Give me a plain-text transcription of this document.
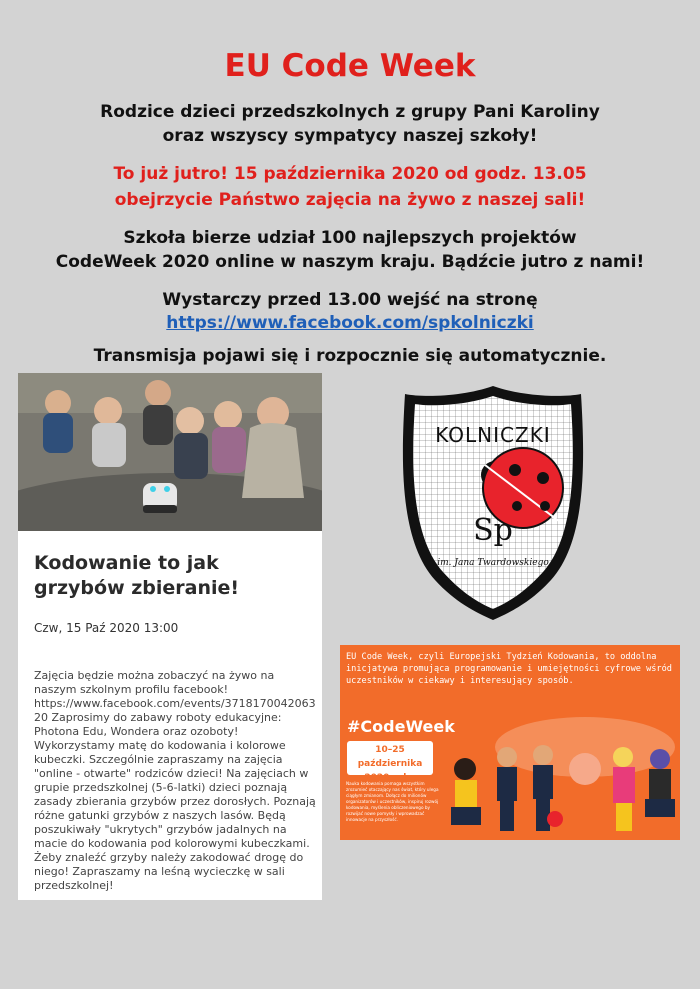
EU Code Week
Rodzice dzieci przedszkolnych z grupy Pani Karoliny
oraz wszyscy sympatycy naszej szkoły!
To już jutro! 15 października 2020 od godz. 13.05
obejrzycie Państwo zajęcia na żywo z naszej sali!
Szkoła bierze udział 100 najlepszych projektów
CodeWeek 2020 online w naszym kraju. Bądźcie jutro z nami!
Wystarczy przed 13.00 wejść na stronę
https://www.facebook.com/spkolniczki
Transmisja pojawi się i rozpocznie się automatycznie.
Kodowanie to jak grzybów zbieranie!
Czw, 15 Paź 2020 13:00
Zajęcia będzie można zobaczyć na żywo na naszym szkolnym profilu facebook! https://www.facebook.com/events/371817004206320 Zaprosimy do zabawy roboty edukacyjne: Photona Edu, Wondera oraz ozoboty! Wykorzystamy matę do kodowania i kolorowe kubeczki. Szczególnie zapraszamy na zajęcia "online - otwarte" rodziców dzieci! Na zajęciach w grupie przedszkolnej (5-6-latki) dzieci poznają zasady zbierania grzybów przez dorosłych. Poznają różne gatunki grzybów z naszych lasów. Będą poszukiwały "ukrytych" grzybów jadalnych na macie do kodowania pod kolorowymi kubeczkami. Żeby znaleźć grzyby należy zakodować drogę do niego! Zapraszamy na leśną wycieczkę w sali przedszkolnej!
KOLNICZKI
Sp
im. Jana Twardowskiego
EU Code Week, czyli Europejski Tydzień Kodowania, to oddolna inicjatywa promująca programowanie i umiejętności cyfrowe wśród uczestników w ciekawy i interesujący sposób.
#CodeWeek
10–25 października
2020 roku
Nauka kodowania pomaga wszystkim zrozumieć otaczający nas świat, który ulega ciągłym zmianom. Dołącz do milionów organizatorów i uczestników, inspiruj rozwój kodowania, myślenia obliczeniowego by rozwijać nowe pomysły i wprowadzać innowacje na przyszłość.
